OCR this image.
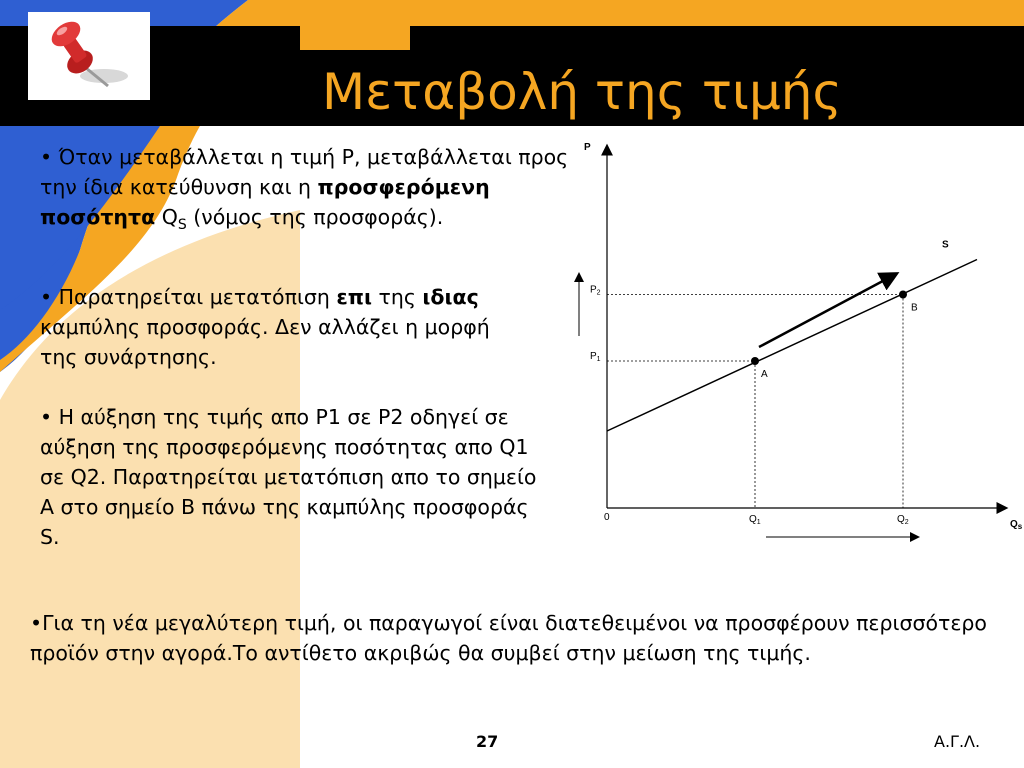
Μεταβολή της τιμής

• Όταν μεταβάλλεται η τιμή P, μεταβάλλεται προς την ίδια κατεύθυνση και η προσφερόμενη ποσότητα $Q_S$ (νόμος της προσφοράς).

• Παρατηρείται μετατόπιση επι της ιδιας καμπύλης προσφοράς. Δεν αλλάζει η μορφή της συνάρτησης.

• Η αύξηση της τιμής απο P1 σε P2 οδηγεί σε αύξηση της προσφερόμενης ποσότητας απο Q1 σε Q2. Παρατηρείται μετατόπιση απο το σημείο Α στο σημείο Β πάνω της καμπύλης προσφοράς S.

•Για τη νέα μεγαλύτερη τιμή, οι παραγωγοί είναι διατεθειμένοι να προσφέρουν περισσότερο προϊόν στην αγορά.Το αντίθετο ακριβώς θα συμβεί στην μείωση της τιμής.

P
$Q_s$
0
S
A
B
$P_1$
$P_2$
$Q_1$	$Q_2$
27	Α.Γ.Λ.
